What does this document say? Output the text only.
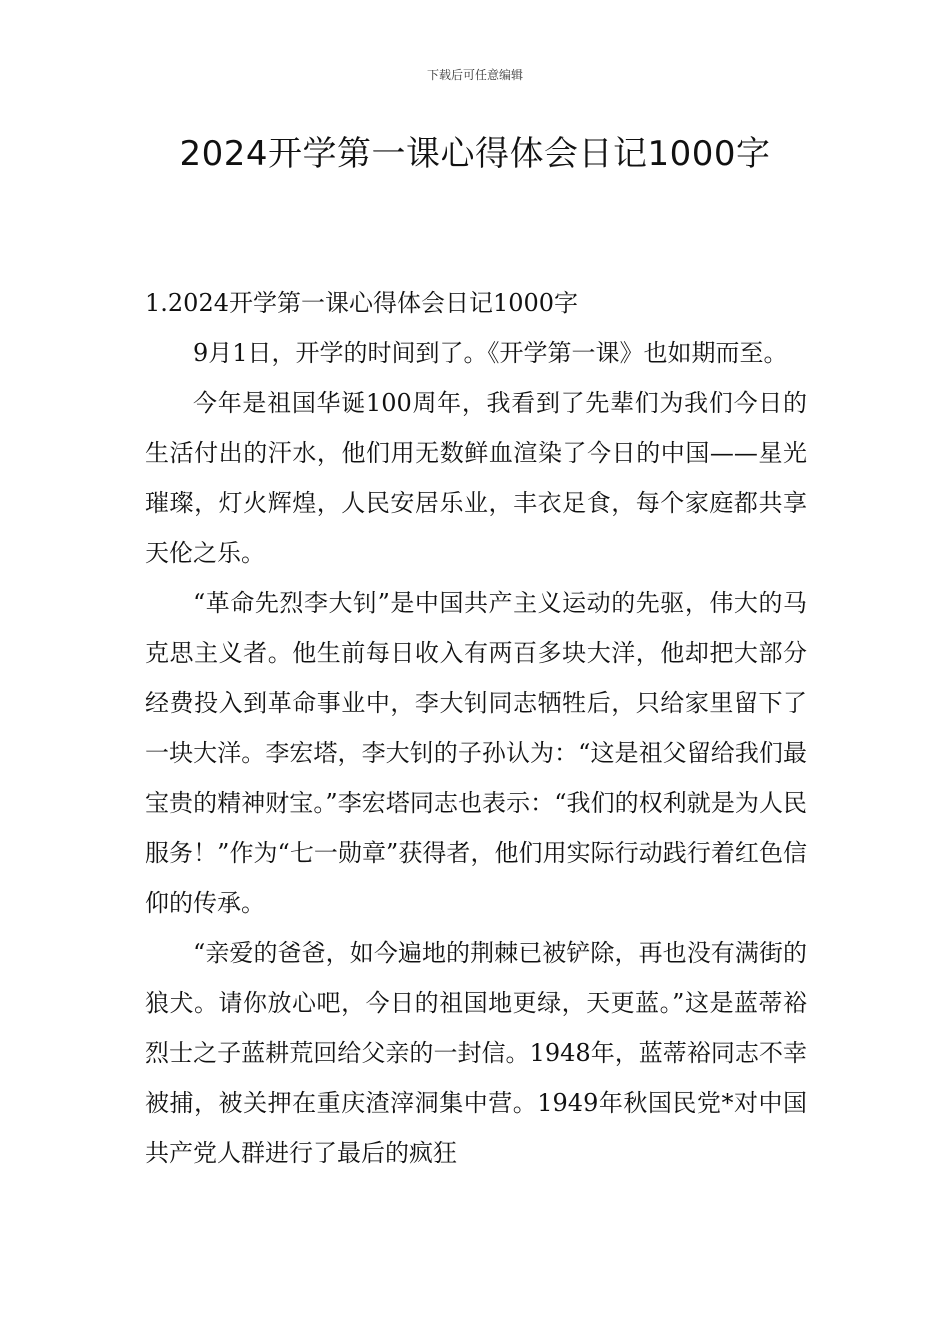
下载后可任意编辑
2024开学第一课心得体会日记1000字

1.2024开学第一课心得体会日记1000字

9月1日，开学的时间到了。《开学第一课》也如期而至。

今年是祖国华诞100周年，我看到了先辈们为我们今日的生活付出的汗水，他们用无数鲜血渲染了今日的中国——星光璀璨，灯火辉煌，人民安居乐业，丰衣足食，每个家庭都共享天伦之乐。

“革命先烈李大钊”是中国共产主义运动的先驱，伟大的马克思主义者。他生前每日收入有两百多块大洋，他却把大部分经费投入到革命事业中，李大钊同志牺牲后，只给家里留下了一块大洋。李宏塔，李大钊的子孙认为：“这是祖父留给我们最宝贵的精神财宝。”李宏塔同志也表示：“我们的权利就是为人民服务！”作为“七一勋章”获得者，他们用实际行动践行着红色信仰的传承。

“亲爱的爸爸，如今遍地的荆棘已被铲除，再也没有满街的狼犬。请你放心吧，今日的祖国地更绿，天更蓝。”这是蓝蒂裕烈士之子蓝耕荒回给父亲的一封信。1948年，蓝蒂裕同志不幸被捕，被关押在重庆渣滓洞集中营。1949年秋国民党*对中国共产党人群进行了最后的疯狂
